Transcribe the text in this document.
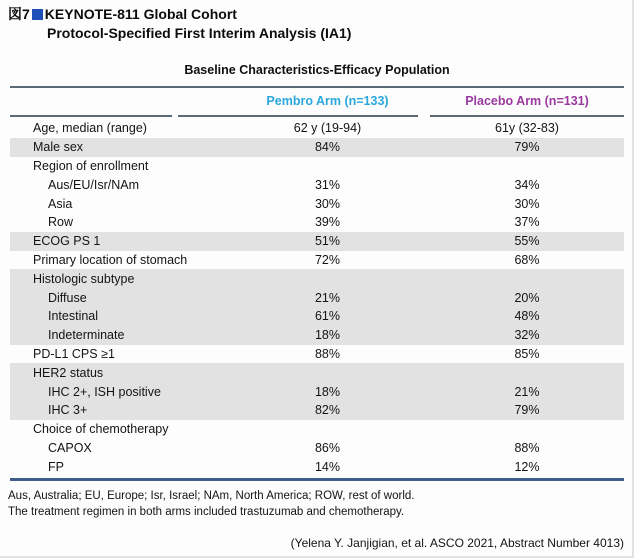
図7 KEYNOTE-811 Global Cohort
Protocol-Specified First Interim Analysis (IA1)
Baseline Characteristics-Efficacy Population
Pembro Arm (n=133)	Placebo Arm (n=131)
Age, median (range)	62 y (19-94)	61y (32-83)
Male sex	84%	79%
Region of enrollment
Aus/EU/Isr/NAm	31%	34%
Asia	30%	30%
Row	39%	37%
ECOG PS 1	51%	55%
Primary location of stomach	72%	68%
Histologic subtype
Diffuse	21%	20%
Intestinal	61%	48%
Indeterminate	18%	32%
PD-L1 CPS ≥1	88%	85%
HER2 status
IHC 2+, ISH positive	18%	21%
IHC 3+	82%	79%
Choice of chemotherapy
CAPOX	86%	88%
FP	14%	12%
Aus, Australia; EU, Europe; Isr, Israel; NAm, North America; ROW, rest of world.
The treatment regimen in both arms included trastuzumab and chemotherapy.
(Yelena Y. Janjigian, et al. ASCO 2021, Abstract Number 4013)
